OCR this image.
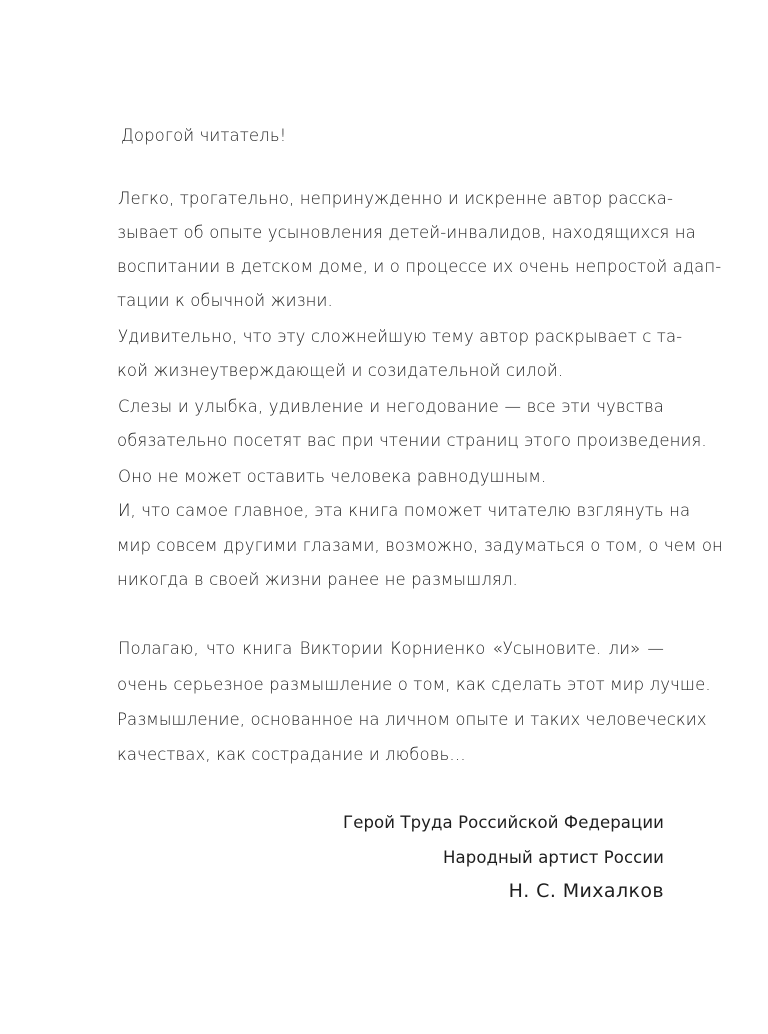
Дорогой читатель!
Легко, трогательно, непринужденно и искренне автор расска-
зывает об опыте усыновления детей-инвалидов, находящихся на
воспитании в детском доме, и о процессе их очень непростой адап-
тации к обычной жизни.
Удивительно, что эту сложнейшую тему автор раскрывает с та-
кой жизнеутверждающей и созидательной силой.
Слезы и улыбка, удивление и негодование — все эти чувства
обязательно посетят вас при чтении страниц этого произведения.
Оно не может оставить человека равнодушным.
И, что самое главное, эта книга поможет читателю взглянуть на
мир совсем другими глазами, возможно, задуматься о том, о чем он
никогда в своей жизни ранее не размышлял.
Полагаю, что книга Виктории Корниенко «Усыновите. ли» —
очень серьезное размышление о том, как сделать этот мир лучше.
Размышление, основанное на личном опыте и таких человеческих
качествах, как сострадание и любовь…
Герой Труда Российской Федерации
Народный артист России
Н. С. Михалков
